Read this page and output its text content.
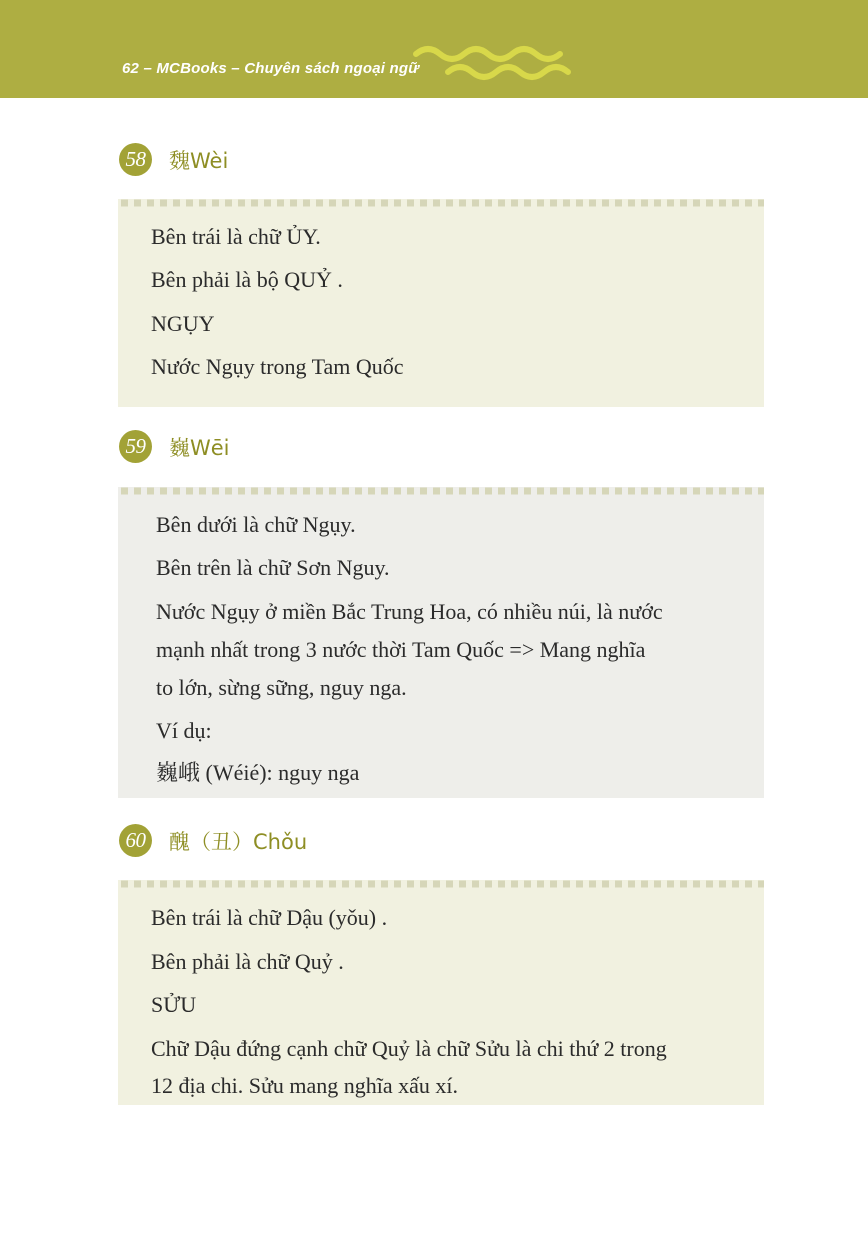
62 – MCBooks – Chuyên sách ngoại ngữ
58	魏Wèi
Bên trái là chữ ỦY.
Bên phải là bộ QUỶ .
NGỤY
Nước Ngụy trong Tam Quốc
59	巍Wēi
Bên dưới là chữ Ngụy.
Bên trên là chữ Sơn Nguy.
Nước Ngụy ở miền Bắc Trung Hoa, có nhiều núi, là nước
mạnh nhất trong 3 nước thời Tam Quốc => Mang nghĩa
to lớn, sừng sững, nguy nga.
Ví dụ:
巍峨 (Wéié): nguy nga
60	醜（丑）Chǒu
Bên trái là chữ Dậu (yǒu) .
Bên phải là chữ Quỷ .
SỬU
Chữ Dậu đứng cạnh chữ Quỷ là chữ Sửu là chi thứ 2 trong
12 địa chi. Sửu mang nghĩa xấu xí.
